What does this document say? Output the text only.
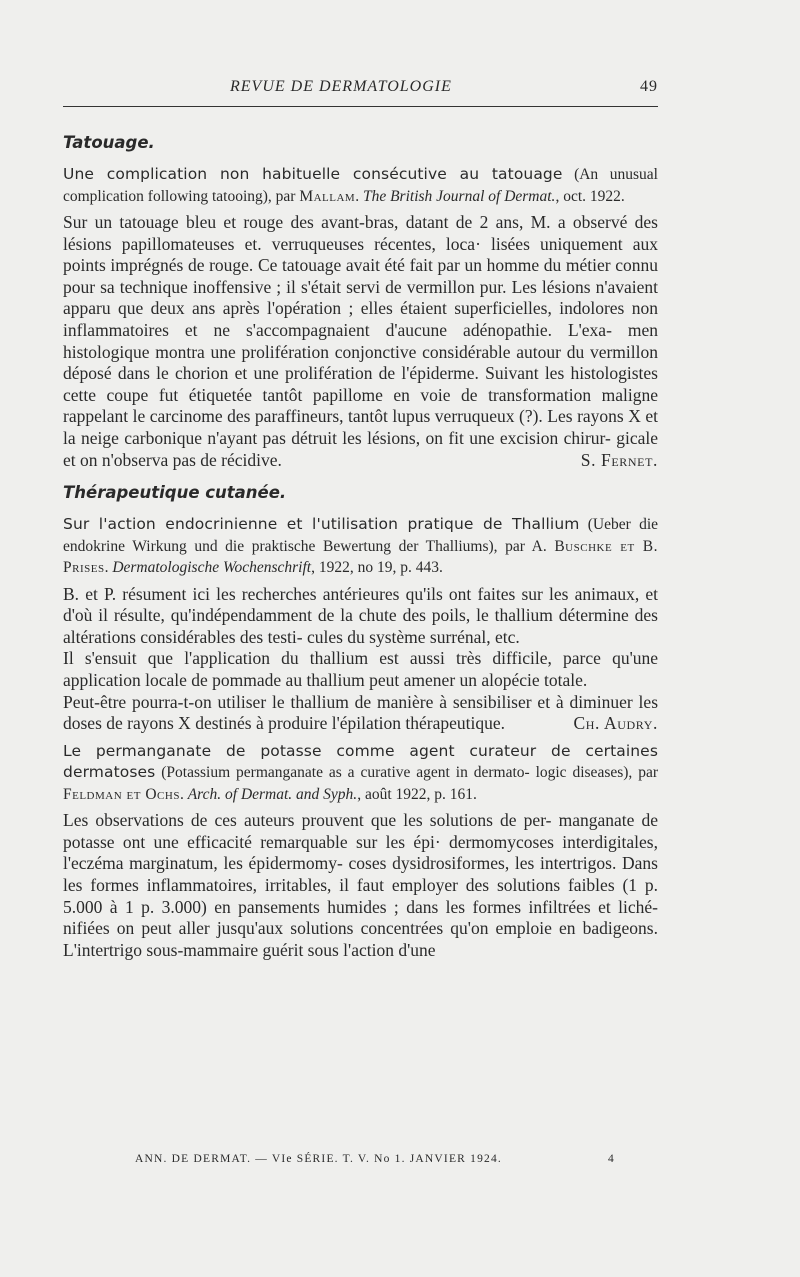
REVUE DE DERMATOLOGIE	49
Tatouage.

Une complication non habituelle consécutive au tatouage (An unusual complication following tatooing), par Mallam. The British Journal of Dermat., oct. 1922.

Sur un tatouage bleu et rouge des avant-bras, datant de 2 ans, M. a observé des lésions papillomateuses et. verruqueuses récentes, loca· lisées uniquement aux points imprégnés de rouge. Ce tatouage avait été fait par un homme du métier connu pour sa technique inoffensive ; il s'était servi de vermillon pur. Les lésions n'avaient apparu que deux ans après l'opération ; elles étaient superficielles, indolores non inflammatoires et ne s'accompagnaient d'aucune adénopathie. L'exa- men histologique montra une prolifération conjonctive considérable autour du vermillon déposé dans le chorion et une prolifération de l'épiderme. Suivant les histologistes cette coupe fut étiquetée tantôt papillome en voie de transformation maligne rappelant le carcinome des paraffineurs, tantôt lupus verruqueux (?). Les rayons X et la neige carbonique n'ayant pas détruit les lésions, on fit une excision chirur- gicale et on n'observa pas de récidive.	S. Fernet.

Thérapeutique cutanée.

Sur l'action endocrinienne et l'utilisation pratique de Thallium (Ueber die endokrine Wirkung und die praktische Bewertung der Thalliums), par A. Buschke et B. Prises. Dermatologische Wochenschrift, 1922, no 19, p. 443.

B. et P. résument ici les recherches antérieures qu'ils ont faites sur les animaux, et d'où il résulte, qu'indépendamment de la chute des poils, le thallium détermine des altérations considérables des testi- cules du système surrénal, etc.

Il s'ensuit que l'application du thallium est aussi très difficile, parce qu'une application locale de pommade au thallium peut amener un alopécie totale.

Peut-être pourra-t-on utiliser le thallium de manière à sensibiliser et à diminuer les doses de rayons X destinés à produire l'épilation thérapeutique.	Ch. Audry.

Le permanganate de potasse comme agent curateur de certaines dermatoses (Potassium permanganate as a curative agent in dermato- logic diseases), par Feldman et Ochs. Arch. of Dermat. and Syph., août 1922, p. 161.

Les observations de ces auteurs prouvent que les solutions de per- manganate de potasse ont une efficacité remarquable sur les épi· dermomycoses interdigitales, l'eczéma marginatum, les épidermomy- coses dysidrosiformes, les intertrigos. Dans les formes inflammatoires, irritables, il faut employer des solutions faibles (1 p. 5.000 à 1 p. 3.000) en pansements humides ; dans les formes infiltrées et liché- nifiées on peut aller jusqu'aux solutions concentrées qu'on emploie en badigeons. L'intertrigo sous-mammaire guérit sous l'action d'une

ANN. DE DERMAT. — VIe SÉRIE. T. V. No 1. JANVIER 1924.	4
